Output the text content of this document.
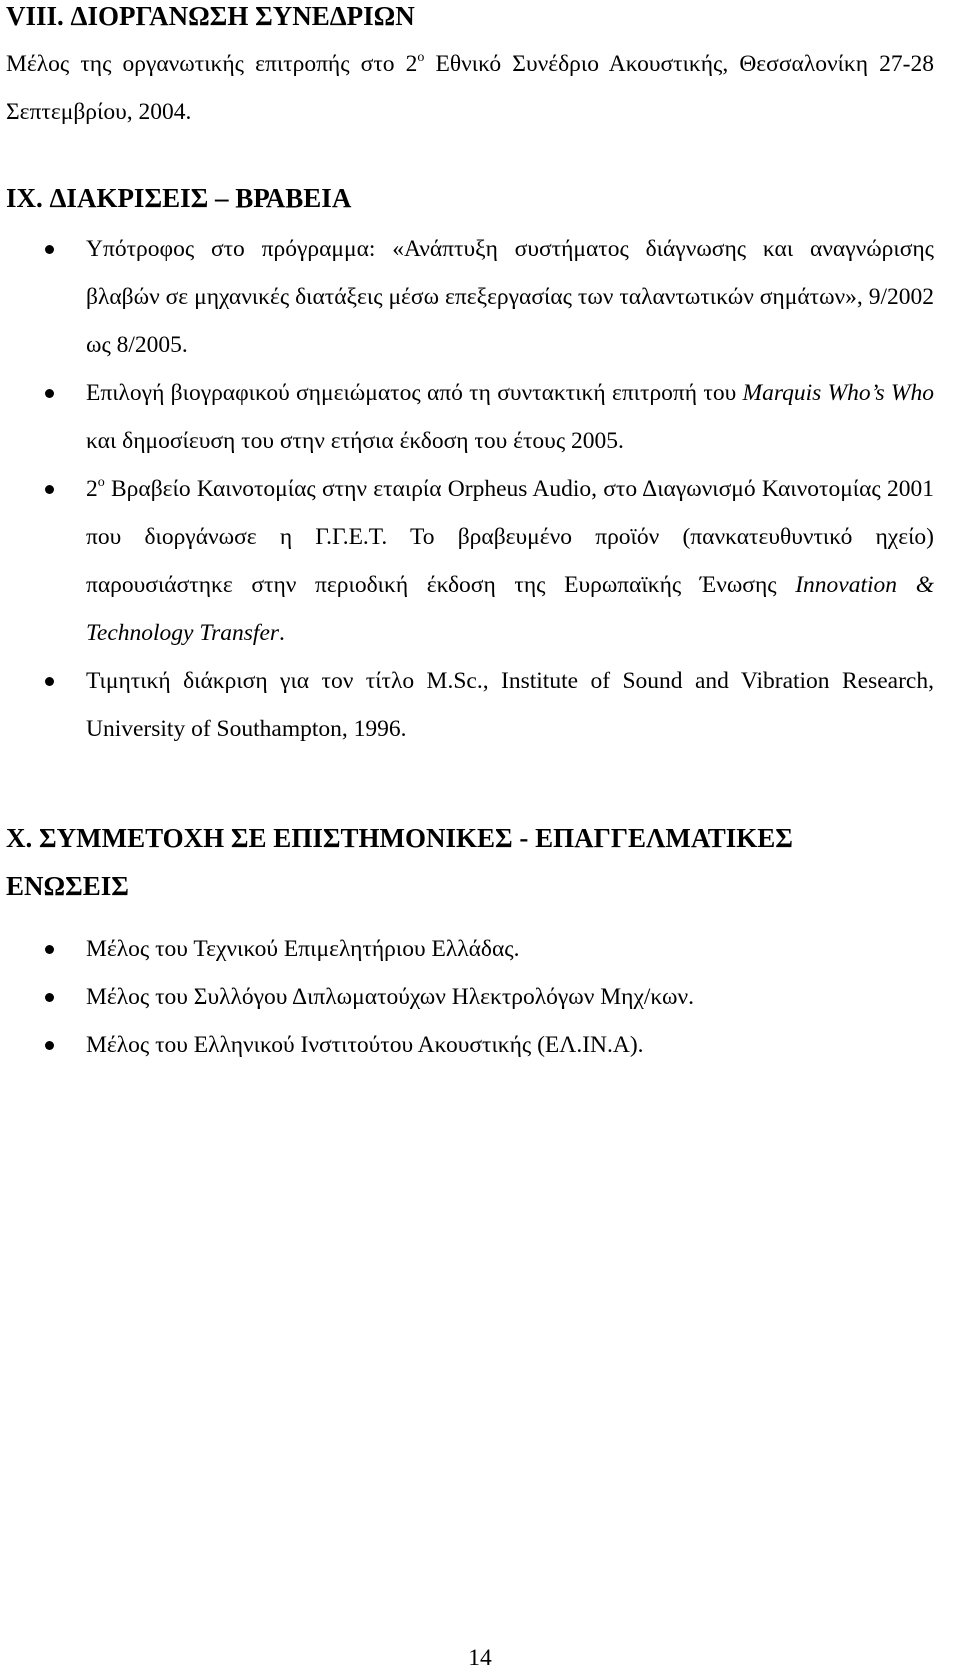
VIII. ΔΙΟΡΓΑΝΩΣΗ ΣΥΝΕΔΡΙΩΝ
Μέλος της οργανωτικής επιτροπής στο $2^o$ Εθνικό Συνέδριο Ακουστικής, Θεσσαλονίκη 27-28 Σεπτεμβρίου, 2004.
IX. ΔΙΑΚΡΙΣΕΙΣ – ΒΡΑΒΕΙΑ
Υπότροφος στο πρόγραμμα: «Ανάπτυξη συστήματος διάγνωσης και αναγνώρισης βλαβών σε μηχανικές διατάξεις μέσω επεξεργασίας των ταλαντωτικών σημάτων», 9/2002 ως 8/2005.
Επιλογή βιογραφικού σημειώματος από τη συντακτική επιτροπή του Marquis Who’s Who και δημοσίευση του στην ετήσια έκδοση του έτους 2005.
$2^o$ Βραβείο Καινοτομίας στην εταιρία Orpheus Audio, στο Διαγωνισμό Καινοτομίας 2001 που διοργάνωσε η Γ.Γ.Ε.Τ. Το βραβευμένο προϊόν (πανκατευθυντικό ηχείο) παρουσιάστηκε στην περιοδική έκδοση της Ευρωπαϊκής Ένωσης Innovation & Technology Transfer.
Τιμητική διάκριση για τον τίτλο M.Sc., Institute of Sound and Vibration Research, University of Southampton, 1996.
X. ΣΥΜΜΕΤΟΧΗ ΣΕ ΕΠΙΣΤΗΜΟΝΙΚΕΣ - ΕΠΑΓΓΕΛΜΑΤΙΚΕΣ
ΕΝΩΣΕΙΣ
Μέλος του Τεχνικού Επιμελητήριου Ελλάδας.
Μέλος του Συλλόγου Διπλωματούχων Ηλεκτρολόγων Μηχ/κων.
Μέλος του Ελληνικού Ινστιτούτου Ακουστικής (ΕΛ.ΙΝ.Α).
14
